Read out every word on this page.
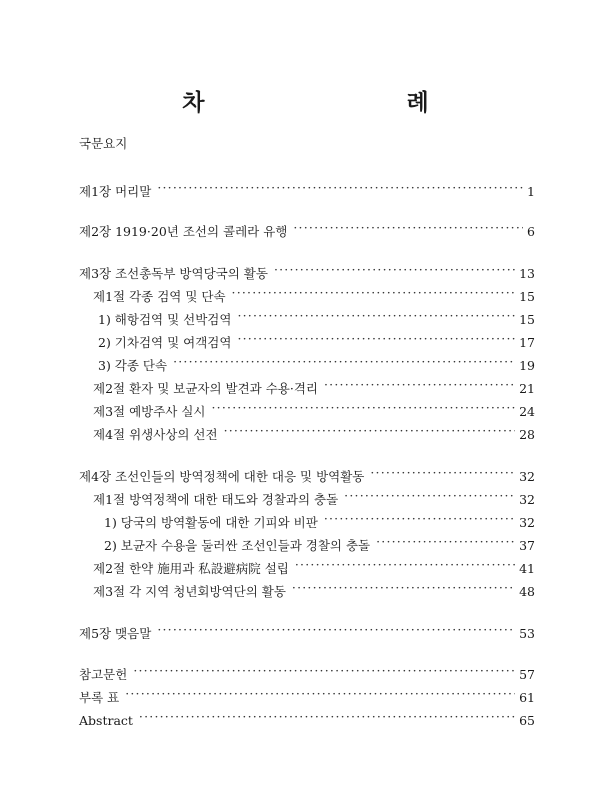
차    례
국문요지
제1장 머리말 ·····	1
제2장 1919·20년 조선의 콜레라 유행 ·····	6
제3장 조선총독부 방역당국의 활동 ·····	13
제1절 각종 검역 및 단속 ·····	15
1) 해항검역 및 선박검역 ·····	15
2) 기차검역 및 여객검역 ·····	17
3) 각종 단속 ·····	19
제2절 환자 및 보균자의 발견과 수용·격리 ·····	21
제3절 예방주사 실시 ·····	24
제4절 위생사상의 선전 ·····	28
제4장 조선인들의 방역정책에 대한 대응 및 방역활동 ·····	32
제1절 방역정책에 대한 태도와 경찰과의 충돌 ·····	32
1) 당국의 방역활동에 대한 기피와 비판 ·····	32
2) 보균자 수용을 둘러싼 조선인들과 경찰의 충돌 ·····	37
제2절 한약 施用과 私設避病院 설립 ·····	41
제3절 각 지역 청년회방역단의 활동 ·····	48
제5장 맺음말 ·····	53
참고문헌 ·····	57
부록 표 ·····	61
Abstract ·····	65
